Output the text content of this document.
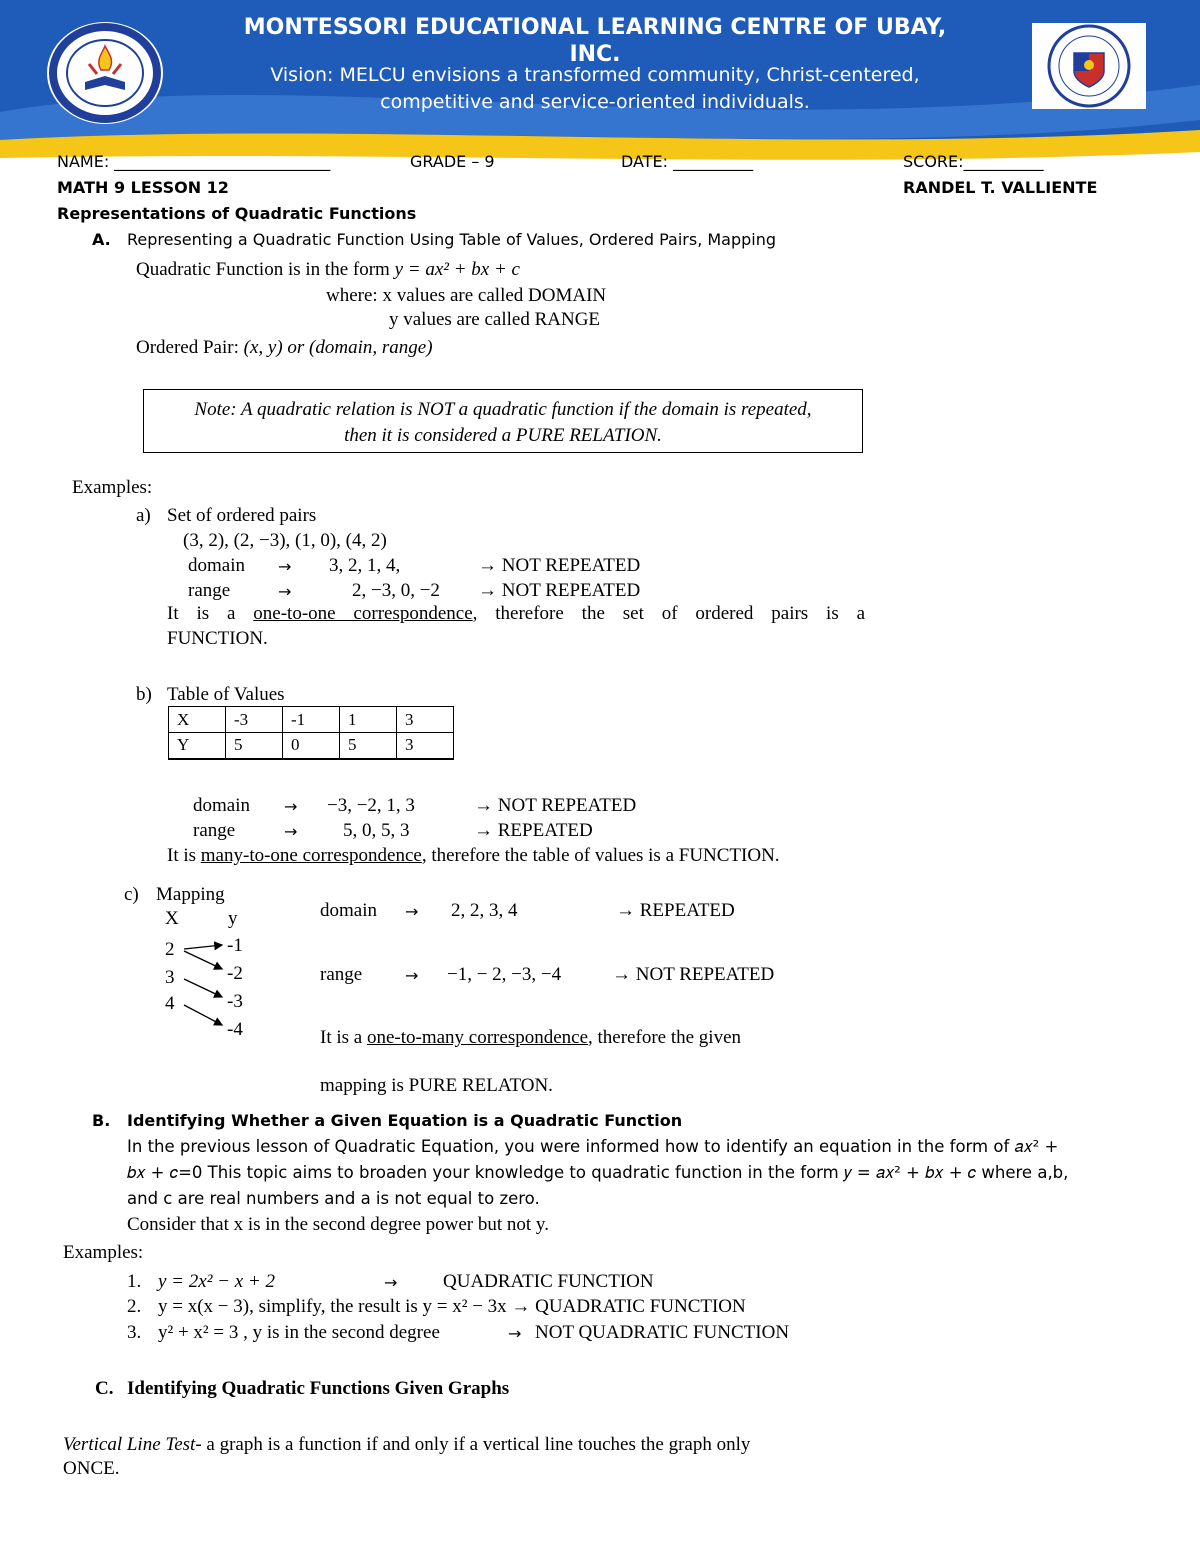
MONTESSORI EDUCATIONAL LEARNING CENTRE OF UBAY,
INC.
Vision: MELCU envisions a transformed community, Christ-centered,
competitive and service-oriented individuals.
NAME: ___________________________	GRADE – 9	DATE: __________	SCORE:__________
MATH 9 LESSON 12	RANDEL T. VALLIENTE
Representations of Quadratic Functions
A. Representing a Quadratic Function Using Table of Values, Ordered Pairs, Mapping
Quadratic Function is in the form y = ax² + bx + c
where: x values are called DOMAIN
y values are called RANGE
Ordered Pair: (x, y) or (domain, range)
Note: A quadratic relation is NOT a quadratic function if the domain is repeated,
then it is considered a PURE RELATION.
Examples:
a) Set of ordered pairs
(3, 2), (2, −3), (1, 0), (4, 2)
domain → 3, 2, 1, 4,	→ NOT REPEATED
range	→	2, −3, 0, −2 → NOT REPEATED
It is a one-to-one correspondence, therefore the set of ordered pairs is a
FUNCTION.
b) Table of Values
X	-3	-1	1	3
Y	5	0	5	3
domain → −3, −2, 1, 3	→ NOT REPEATED
range	→ 5, 0, 5, 3	→ REPEATED
It is many-to-one correspondence, therefore the table of values is a FUNCTION.
c) Mapping
X	y
2
3
4
-1
-2
-3
-4
domain → 2, 2, 3, 4	→ REPEATED
range	→ −1, − 2, −3, −4	→ NOT REPEATED
It is a one-to-many correspondence, therefore the given
mapping is PURE RELATON.
B. Identifying Whether a Given Equation is a Quadratic Function
In the previous lesson of Quadratic Equation, you were informed how to identify an equation in the form of 𝑎𝑥² +
𝑏𝑥 + 𝑐=0 This topic aims to broaden your knowledge to quadratic function in the form 𝑦 = 𝑎𝑥² + 𝑏𝑥 + 𝑐 where a,b,
and c are real numbers and a is not equal to zero.
Consider that x is in the second degree power but not y.
Examples:
1. y = 2x² − x + 2	→ QUADRATIC FUNCTION
2. y = x(x − 3), simplify, the result is y = x² − 3x → QUADRATIC FUNCTION
3. y² + x² = 3 , y is in the second degree	→ NOT QUADRATIC FUNCTION
C. Identifying Quadratic Functions Given Graphs
Vertical Line Test- a graph is a function if and only if a vertical line touches the graph only
ONCE.
